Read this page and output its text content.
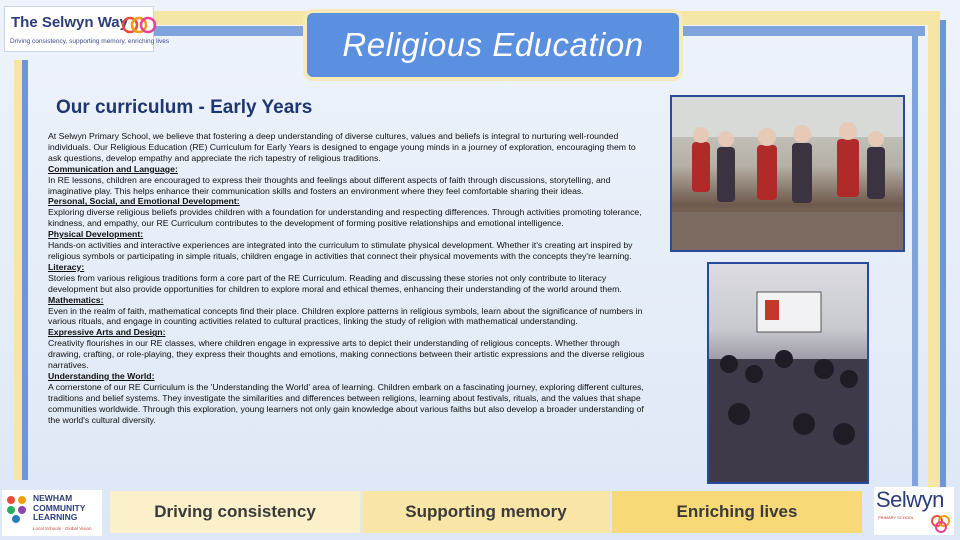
The Selwyn Way
Driving consistency, supporting memory, enriching lives	Religious Education
Our curriculum - Early Years

At Selwyn Primary School, we believe that fostering a deep understanding of diverse cultures, values and beliefs is integral to nurturing well-rounded individuals. Our Religious Education (RE) Curriculum for Early Years is designed to engage young minds in a journey of exploration, encouraging them to ask questions, develop empathy and appreciate the rich tapestry of religious traditions.

Communication and Language:

In RE lessons, children are encouraged to express their thoughts and feelings about different aspects of faith through discussions, storytelling, and imaginative play. This helps enhance their communication skills and fosters an environment where they feel comfortable sharing their ideas.

Personal, Social, and Emotional Development:

Exploring diverse religious beliefs provides children with a foundation for understanding and respecting differences. Through activities promoting tolerance, kindness, and empathy, our RE Curriculum contributes to the development of forming positive relationships and emotional intelligence.

Physical Development:

Hands-on activities and interactive experiences are integrated into the curriculum to stimulate physical development. Whether it's creating art inspired by religious symbols or participating in simple rituals, children engage in activities that connect their physical movements with the concepts they're learning.

Literacy:

Stories from various religious traditions form a core part of the RE Curriculum. Reading and discussing these stories not only contribute to literacy development but also provide opportunities for children to explore moral and ethical themes, enhancing their understanding of the world around them.

Mathematics:

Even in the realm of faith, mathematical concepts find their place. Children explore patterns in religious symbols, learn about the significance of numbers in various rituals, and engage in counting activities related to cultural practices, linking the study of religion with mathematical understanding.

Expressive Arts and Design:

Creativity flourishes in our RE classes, where children engage in expressive arts to depict their understanding of religious concepts. Whether through drawing, crafting, or role-playing, they express their thoughts and emotions, making connections between their artistic expressions and the diverse religious narratives.

Understanding the World:

A cornerstone of our RE Curriculum is the 'Understanding the World' area of learning. Children embark on a fascinating journey, exploring different cultures, traditions and belief systems. They investigate the similarities and differences between religions, learning about festivals, rituals, and the values that shape communities worldwide. Through this exploration, young learners not only gain knowledge about various faiths but also develop a broader understanding of the world's cultural diversity.

NEWHAM COMMUNITY LEARNING
Local Schools · Global Vision
Driving consistency	Supporting memory	Enriching lives	Selwyn
PRIMARY SCHOOL
